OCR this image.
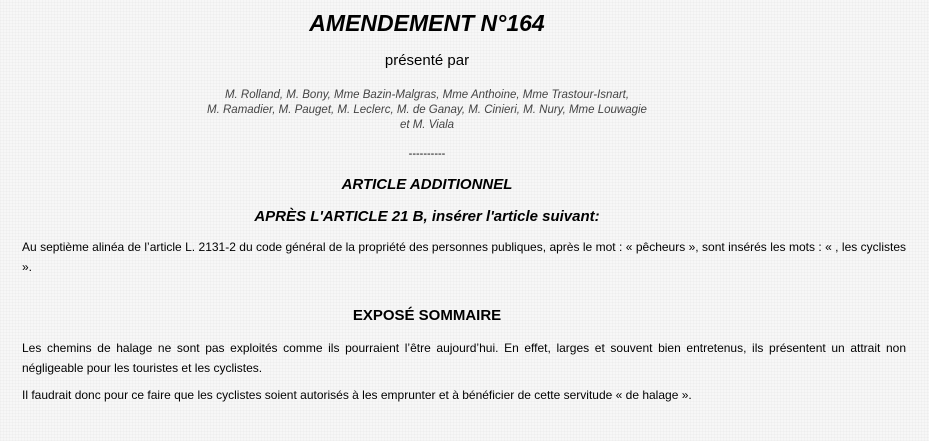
AMENDEMENT N°164
présenté par
M. Rolland, M. Bony, Mme Bazin-Malgras, Mme Anthoine, Mme Trastour-Isnart,
M. Ramadier, M. Pauget, M. Leclerc, M. de Ganay, M. Cinieri, M. Nury, Mme Louwagie
et M. Viala
----------
ARTICLE ADDITIONNEL
APRÈS L'ARTICLE 21 B, insérer l'article suivant:
Au septième alinéa de l’article L. 2131-2 du code général de la propriété des personnes publiques, après le mot : « pêcheurs », sont insérés les mots : « , les cyclistes ».
EXPOSÉ SOMMAIRE
Les chemins de halage ne sont pas exploités comme ils pourraient l’être aujourd’hui. En effet, larges et souvent bien entretenus, ils présentent un attrait non négligeable pour les touristes et les cyclistes.
Il faudrait donc pour ce faire que les cyclistes soient autorisés à les emprunter et à bénéficier de cette servitude « de halage ».
